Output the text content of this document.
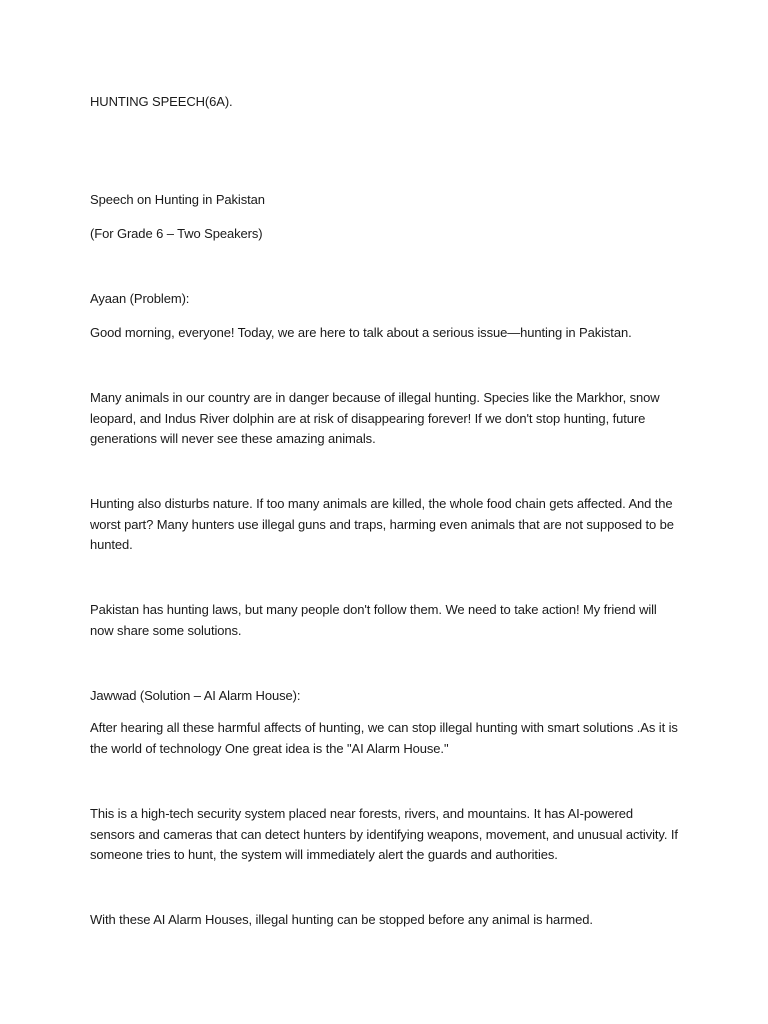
HUNTING SPEECH(6A).

Speech on Hunting in Pakistan

(For Grade 6 – Two Speakers)

Ayaan (Problem):

Good morning, everyone! Today, we are here to talk about a serious issue—hunting in Pakistan.

Many animals in our country are in danger because of illegal hunting. Species like the Markhor, snow leopard, and Indus River dolphin are at risk of disappearing forever! If we don't stop hunting, future generations will never see these amazing animals.

Hunting also disturbs nature. If too many animals are killed, the whole food chain gets affected. And the worst part? Many hunters use illegal guns and traps, harming even animals that are not supposed to be hunted.

Pakistan has hunting laws, but many people don't follow them. We need to take action! My friend will now share some solutions.

Jawwad (Solution – AI Alarm House):

After hearing all these harmful affects of hunting, we can stop illegal hunting with smart solutions .As it is the world of technology One great idea is the "AI Alarm House."

This is a high-tech security system placed near forests, rivers, and mountains. It has AI-powered sensors and cameras that can detect hunters by identifying weapons, movement, and unusual activity. If someone tries to hunt, the system will immediately alert the guards and authorities.

With these AI Alarm Houses, illegal hunting can be stopped before any animal is harmed.
